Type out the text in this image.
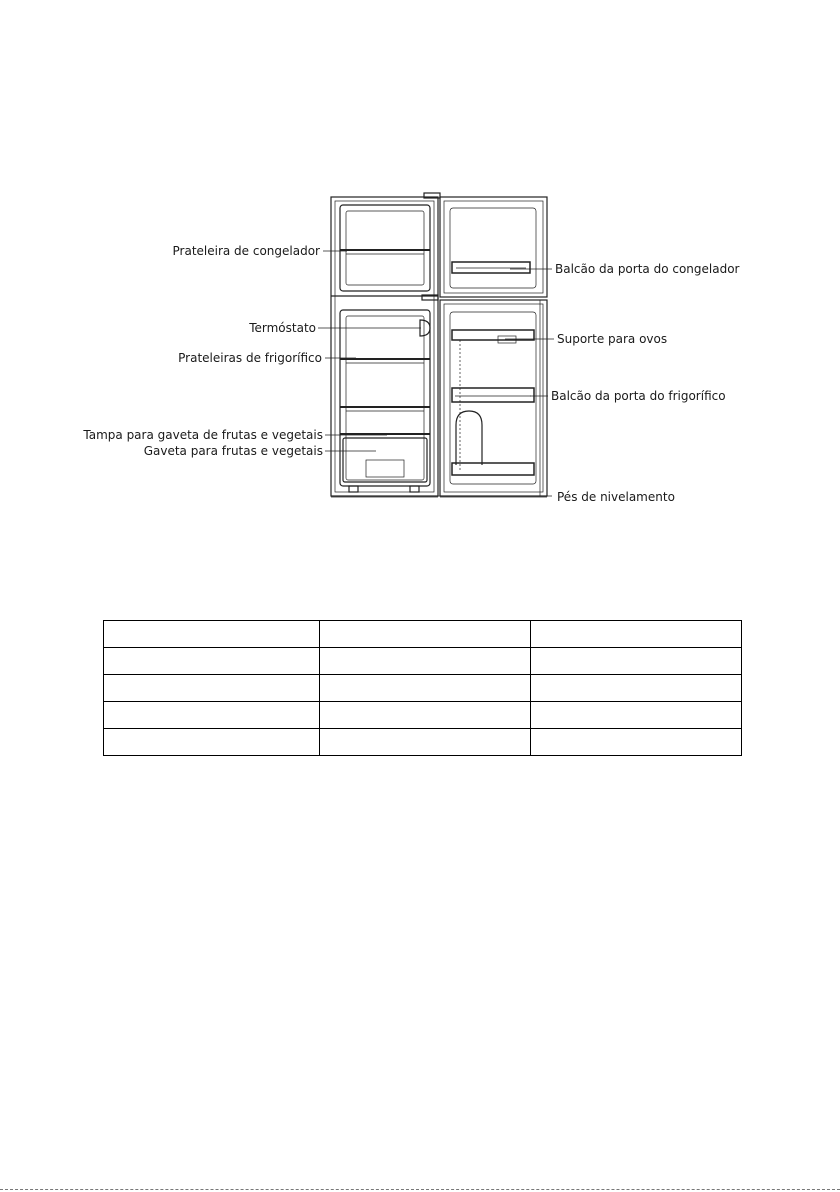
Prateleira de congelador
Termóstato
Prateleiras de frigorífico
Tampa para gaveta de frutas e vegetais
Gaveta para frutas e vegetais
Balcão da porta do congelador
Suporte para ovos
Balcão da porta do frigorífico
Pés de nivelamento
